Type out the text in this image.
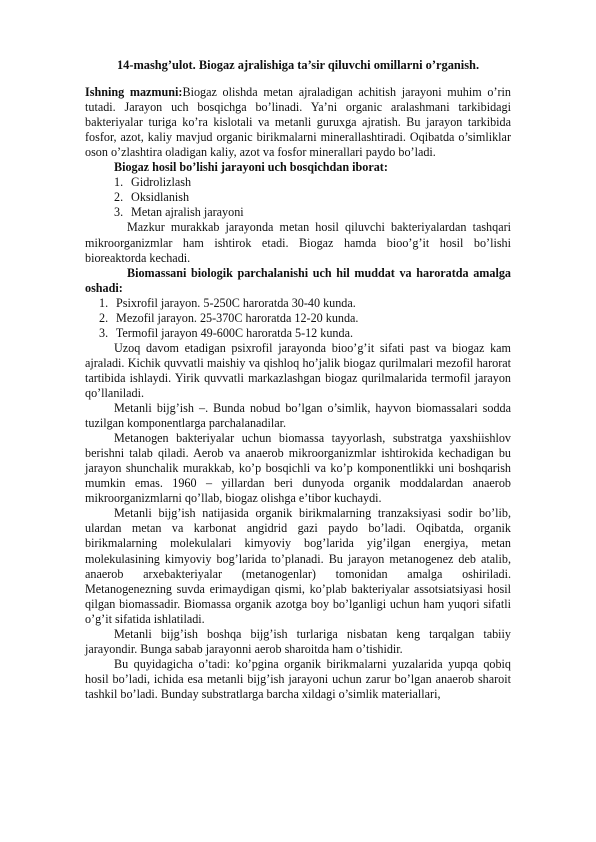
14-mashg’ulot. Biogaz ajralishiga ta’sir qiluvchi omillarni o’rganish.

Ishning mazmuni:Biogaz olishda metan ajraladigan achitish jarayoni muhim o’rin tutadi. Jarayon uch bosqichga bo’linadi. Ya’ni organic aralashmani tarkibidagi bakteriyalar turiga ko’ra kislotali va metanli guruxga ajratish. Bu jarayon tarkibida fosfor, azot, kaliy mavjud organic birikmalarni minerallashtiradi. Oqibatda o’simliklar oson o’zlashtira oladigan kaliy, azot va fosfor minerallari paydo bo’ladi.

Biogaz hosil bo’lishi jarayoni uch bosqichdan iborat:

1. Gidrolizlash
2. Oksidlanish
3. Metan ajralish jarayoni

Mazkur murakkab jarayonda metan hosil qiluvchi bakteriyalardan tashqari mikroorganizmlar ham ishtirok etadi. Biogaz hamda bioo’g’it hosil bo’lishi bioreaktorda kechadi.

Biomassani biologik parchalanishi uch hil muddat va haroratda amalga oshadi:

1. Psixrofil jarayon. 5-250C haroratda 30-40 kunda.
2. Mezofil jarayon. 25-370C haroratda 12-20 kunda.
3. Termofil jarayon 49-600C haroratda 5-12 kunda.

Uzoq davom etadigan psixrofil jarayonda bioo’g’it sifati past va biogaz kam ajraladi. Kichik quvvatli maishiy va qishloq ho’jalik biogaz qurilmalari mezofil harorat tartibida ishlaydi. Yirik quvvatli markazlashgan biogaz qurilmalarida termofil jarayon qo’llaniladi.

Metanli bijg’ish –. Bunda nobud bo’lgan o’simlik, hayvon biomassalari sodda tuzilgan komponentlarga parchalanadilar.

Metanogen bakteriyalar uchun biomassa tayyorlash, substratga yaxshiishlov berishni talab qiladi. Aerob va anaerob mikroorganizmlar ishtirokida kechadigan bu jarayon shunchalik murakkab, ko’p bosqichli va ko’p komponentlikki uni boshqarish mumkin emas. 1960 – yillardan beri dunyoda organik moddalardan anaerob mikroorganizmlarni qo’llab, biogaz olishga e’tibor kuchaydi.

Metanli bijg’ish natijasida organik birikmalarning tranzaksiyasi sodir bo’lib, ulardan metan va karbonat angidrid gazi paydo bo’ladi. Oqibatda, organik birikmalarning molekulalari kimyoviy bog’larida yig’ilgan energiya, metan molekulasining kimyoviy bog’larida to’planadi. Bu jarayon metanogenez deb atalib, anaerob arxebakteriyalar (metanogenlar) tomonidan amalga oshiriladi. Metanogenezning suvda erimaydigan qismi, ko’plab bakteriyalar assotsiatsiyasi hosil qilgan biomassadir. Biomassa organik azotga boy bo’lganligi uchun ham yuqori sifatli o’g’it sifatida ishlatiladi.

Metanli bijg’ish boshqa bijg’ish turlariga nisbatan keng tarqalgan tabiiy jarayondir. Bunga sabab jarayonni aerob sharoitda ham o’tishidir.

Bu quyidagicha o’tadi: ko’pgina organik birikmalarni yuzalarida yupqa qobiq hosil bo’ladi, ichida esa metanli bijg’ish jarayoni uchun zarur bo’lgan anaerob sharoit tashkil bo’ladi. Bunday substratlarga barcha xildagi o’simlik materiallari,
